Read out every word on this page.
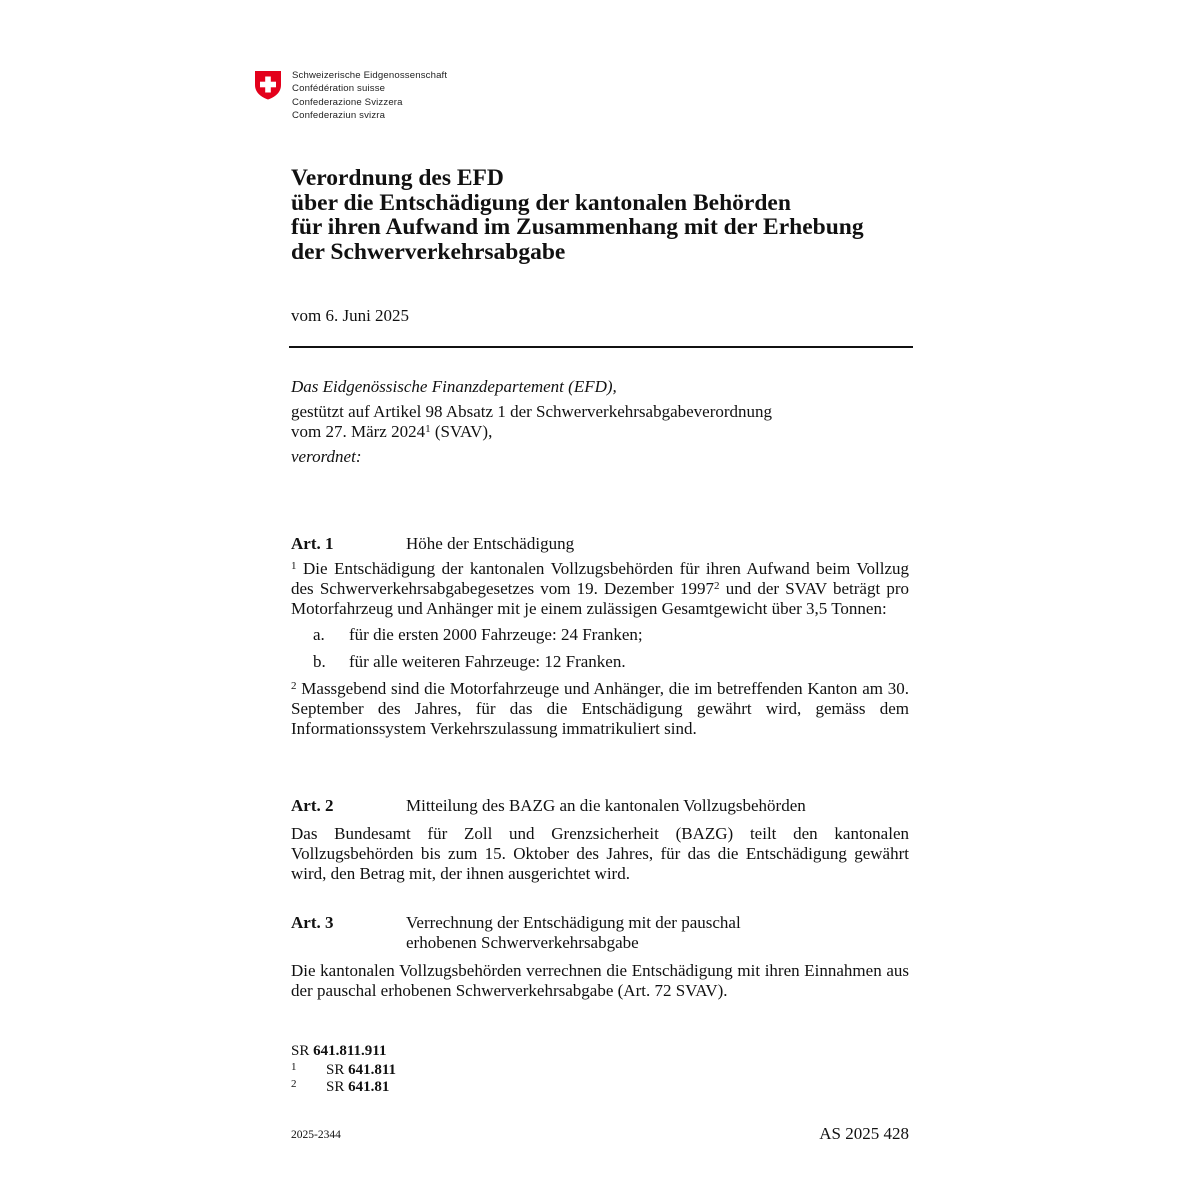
Schweizerische Eidgenossenschaft
Confédération suisse
Confederazione Svizzera
Confederaziun svizra
Verordnung des EFD
über die Entschädigung der kantonalen Behörden
für ihren Aufwand im Zusammenhang mit der Erhebung
der Schwerverkehrsabgabe
vom 6. Juni 2025
Das Eidgenössische Finanzdepartement (EFD),
gestützt auf Artikel 98 Absatz 1 der Schwerverkehrsabgabeverordnung
vom 27. März 2024$^1$ (SVAV),
verordnet:
Art. 1	Höhe der Entschädigung
$^1$ Die Entschädigung der kantonalen Vollzugsbehörden für ihren Aufwand beim Vollzug des Schwerverkehrsabgabegesetzes vom 19. Dezember 1997$^2$ und der SVAV beträgt pro Motorfahrzeug und Anhänger mit je einem zulässigen Gesamtgewicht über 3,5 Tonnen:
a. für die ersten 2000 Fahrzeuge: 24 Franken;
b. für alle weiteren Fahrzeuge: 12 Franken.
$^2$ Massgebend sind die Motorfahrzeuge und Anhänger, die im betreffenden Kanton am 30. September des Jahres, für das die Entschädigung gewährt wird, gemäss dem Informationssystem Verkehrszulassung immatrikuliert sind.
Art. 2	Mitteilung des BAZG an die kantonalen Vollzugsbehörden
Das Bundesamt für Zoll und Grenzsicherheit (BAZG) teilt den kantonalen Vollzugsbehörden bis zum 15. Oktober des Jahres, für das die Entschädigung gewährt wird, den Betrag mit, der ihnen ausgerichtet wird.
Art. 3	Verrechnung der Entschädigung mit der pauschal
erhobenen Schwerverkehrsabgabe
Die kantonalen Vollzugsbehörden verrechnen die Entschädigung mit ihren Einnahmen aus der pauschal erhobenen Schwerverkehrsabgabe (Art. 72 SVAV).
SR 641.811.911
1 SR 641.811
2 SR 641.81
2025-2344	AS 2025 428
